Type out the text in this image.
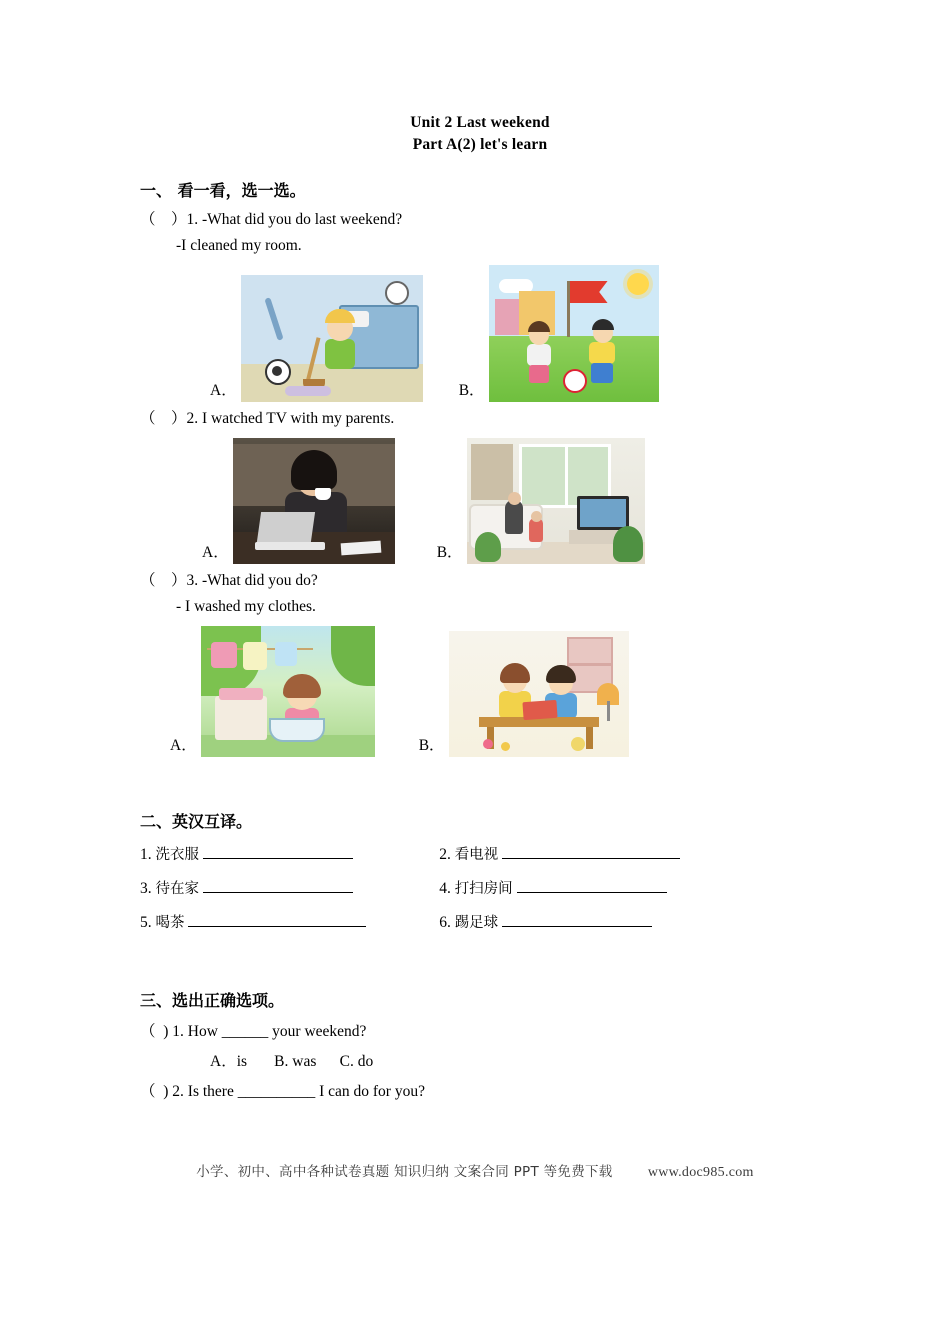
Unit 2 Last weekend
Part A(2) let's learn
一、 看一看，选一选。
（    ）1. -What did you do last weekend?
-I cleaned my room.
A．	B．
（    ）2. I watched TV with my parents.
A．	B．
（    ）3. -What did you do?
- I washed my clothes.
A．	B．
二、英汉互译。
1. 洗衣服	2. 看电视
3. 待在家	4. 打扫房间
5. 喝茶	6. 踢足球
三、选出正确选项。
（  ) 1. How ______ your weekend?
A．is       B. was      C. do
（  ) 2. Is there __________ I can do for you?
小学、初中、高中各种试卷真题 知识归纳 文案合同 PPT 等免费下载	www.doc985.com
